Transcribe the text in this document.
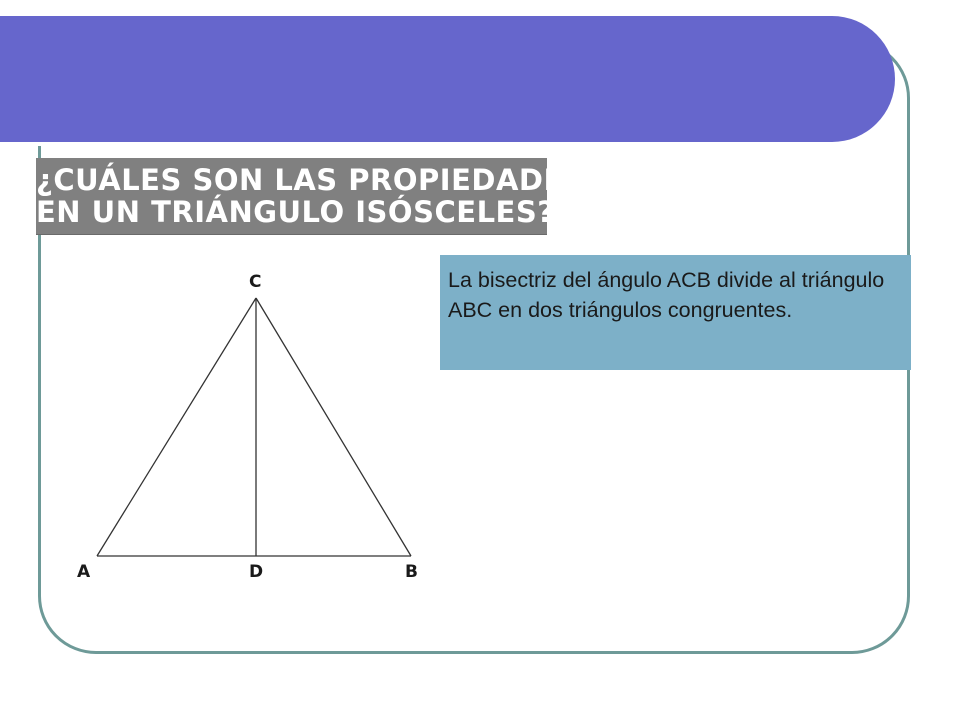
¿CUÁLES SON LAS PROPIEDADES
EN UN TRIÁNGULO ISÓSCELES?
La bisectriz del ángulo ACB divide al triángulo ABC en dos triángulos congruentes.
C
A	D	B
